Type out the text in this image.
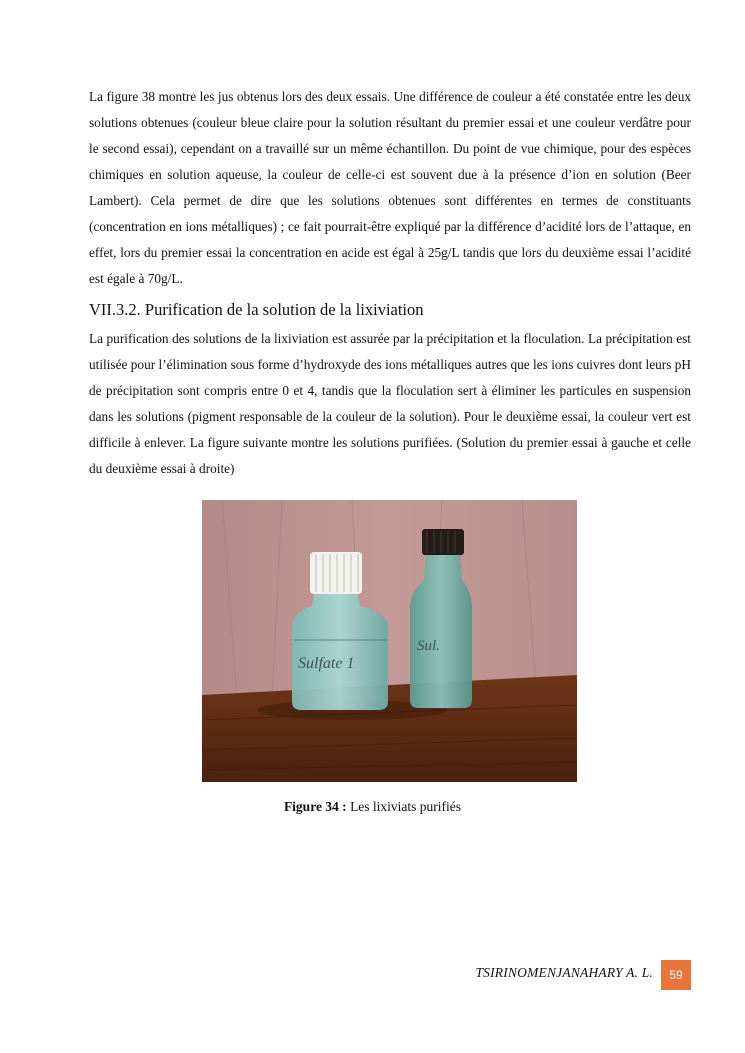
La figure 38 montre les jus obtenus lors des deux essais. Une différence de couleur a été constatée entre les deux solutions obtenues (couleur bleue claire pour la solution résultant du premier essai et une couleur verdâtre pour le second essai), cependant on a travaillé sur un même échantillon. Du point de vue chimique, pour des espèces chimiques en solution aqueuse, la couleur de celle-ci est souvent due à la présence d’ion en solution (Beer Lambert). Cela permet de dire que les solutions obtenues sont différentes en termes de constituants (concentration en ions métalliques) ; ce fait pourrait-être expliqué par la différence d’acidité lors de l’attaque, en effet, lors du premier essai la concentration en acide est égal à 25g/L tandis que lors du deuxième essai l’acidité est égale à 70g/L.

VII.3.2. Purification de la solution de la lixiviation

La purification des solutions de la lixiviation est assurée par la précipitation et la floculation. La précipitation est utilisée pour l’élimination sous forme d’hydroxyde des ions métalliques autres que les ions cuivres dont leurs pH de précipitation sont compris entre 0 et 4, tandis que la floculation sert à éliminer les particules en suspension dans les solutions (pigment responsable de la couleur de la solution). Pour le deuxième essai, la couleur vert est difficile à enlever. La figure suivante montre les solutions purifiées. (Solution du premier essai à gauche et celle du deuxième essai à droite)

Sulfate 1
Sul.
Figure 34 : Les lixiviats purifiés
TSIRINOMENJANAHARY A. L.	59
